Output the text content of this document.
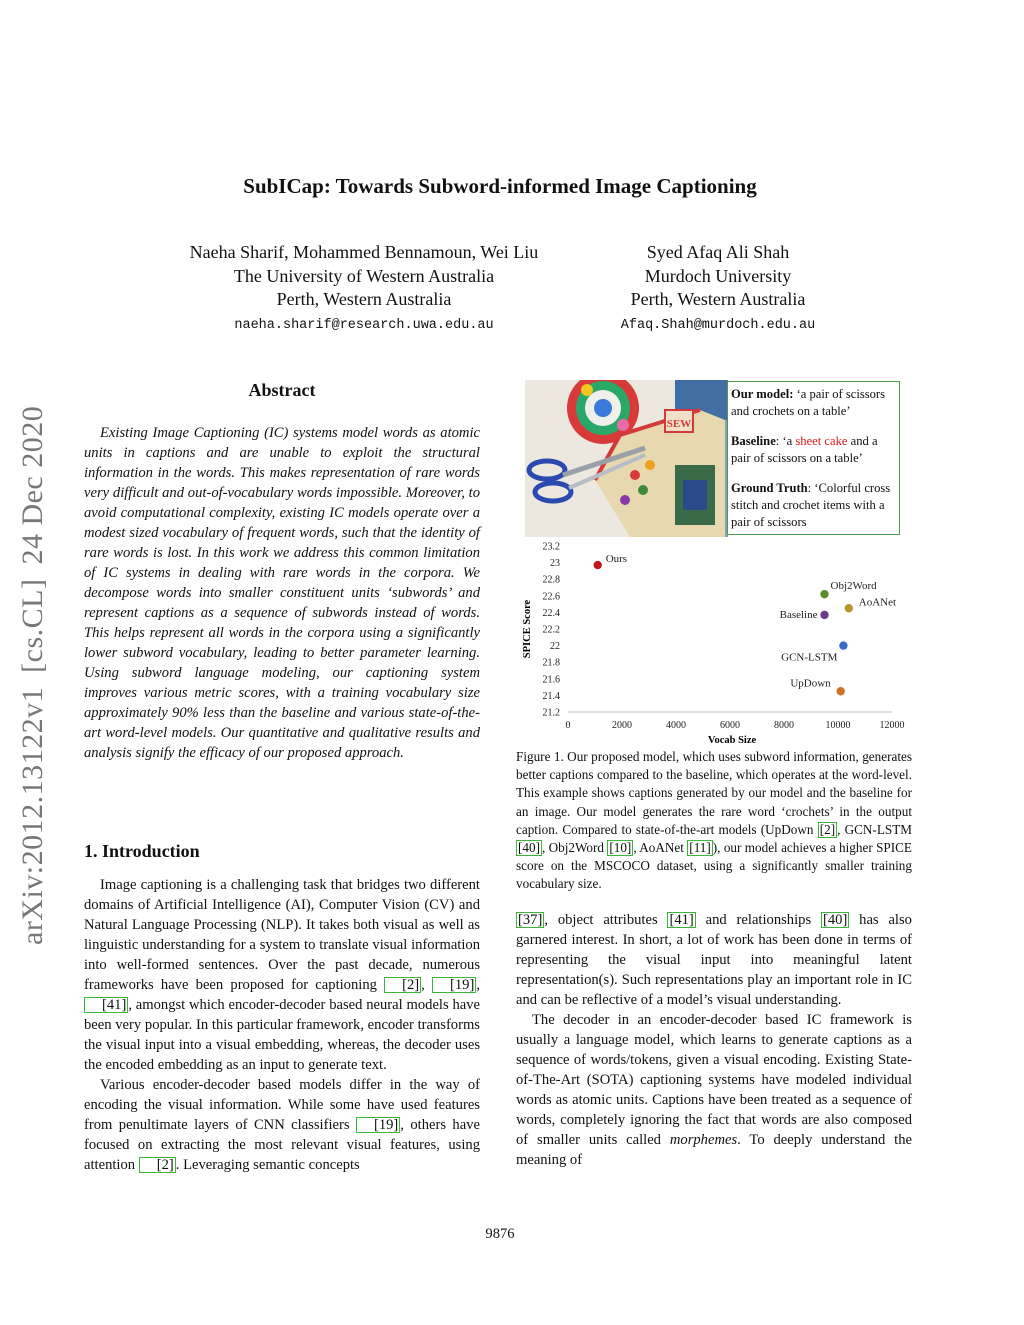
SubICap: Towards Subword-informed Image Captioning
Naeha Sharif, Mohammed Bennamoun, Wei Liu
The University of Western Australia
Perth, Western Australia
naeha.sharif@research.uwa.edu.au
Syed Afaq Ali Shah
Murdoch University
Perth, Western Australia
Afaq.Shah@murdoch.edu.au
arXiv:2012.13122v1[cs.CL]24 Dec 2020
Abstract

Existing Image Captioning (IC) systems model words as atomic units in captions and are unable to exploit the structural information in the words. This makes representation of rare words very difficult and out-of-vocabulary words impossible. Moreover, to avoid computational complexity, existing IC models operate over a modest sized vocabulary of frequent words, such that the identity of rare words is lost. In this work we address this common limitation of IC systems in dealing with rare words in the corpora. We decompose words into smaller constituent units ‘subwords’ and represent captions as a sequence of subwords instead of words. This helps represent all words in the corpora using a significantly lower subword vocabulary, leading to better parameter learning. Using subword language modeling, our captioning system improves various metric scores, with a training vocabulary size approximately 90% less than the baseline and various state-of-the-art word-level models. Our quantitative and qualitative results and analysis signify the efficacy of our proposed approach.

1. Introduction

Image captioning is a challenging task that bridges two different domains of Artificial Intelligence (AI), Computer Vision (CV) and Natural Language Processing (NLP). It takes both visual as well as linguistic understanding for a system to translate visual information into well-formed sentences. Over the past decade, numerous frameworks have been proposed for captioning [2] , [19] , [41] , amongst which encoder-decoder based neural models have been very popular. In this particular framework, encoder transforms the visual input into a visual embedding, whereas, the decoder uses the encoded embedding as an input to generate text.

Various encoder-decoder based models differ in the way of encoding the visual information. While some have used features from penultimate layers of CNN classifiers [19] , others have focused on extracting the most relevant visual features, using attention [2] . Leveraging semantic concepts

SEW

Our model: ‘a pair of scissors and crochets on a table’

Baseline: ‘a sheet cake and a pair of scissors on a table’

Ground Truth: ‘Colorful cross stitch and crochet items with a pair of scissors

SPICE Score
Vocab Size
21.2
21.4
21.6
21.8
22
22.2
22.4
22.6
22.8
23
23.2
0	2000	4000	6000	8000	10000	12000
Ours
Obj2Word
AoANet
Baseline
GCN-LSTM
UpDown
Figure 1. Our proposed model, which uses subword information, generates better captions compared to the baseline, which operates at the word-level. This example shows captions generated by our model and the baseline for an image. Our model generates the rare word ‘crochets’ in the output caption. Compared to state-of-the-art models (UpDown [2] , GCN-LSTM [40] , Obj2Word [10] , AoANet [11] ), our model achieves a higher SPICE score on the MSCOCO dataset, using a significantly smaller training vocabulary size.

[37] , object attributes [41] and relationships [40] has also garnered interest. In short, a lot of work has been done in terms of representing the visual input into meaningful latent representation(s). Such representations play an important role in IC and can be reflective of a model’s visual understanding.

The decoder in an encoder-decoder based IC framework is usually a language model, which learns to generate captions as a sequence of words/tokens, given a visual encoding. Existing State-of-The-Art (SOTA) captioning systems have modeled individual words as atomic units. Captions have been treated as a sequence of words, completely ignoring the fact that words are also composed of smaller units called morphemes. To deeply understand the meaning of

9876
